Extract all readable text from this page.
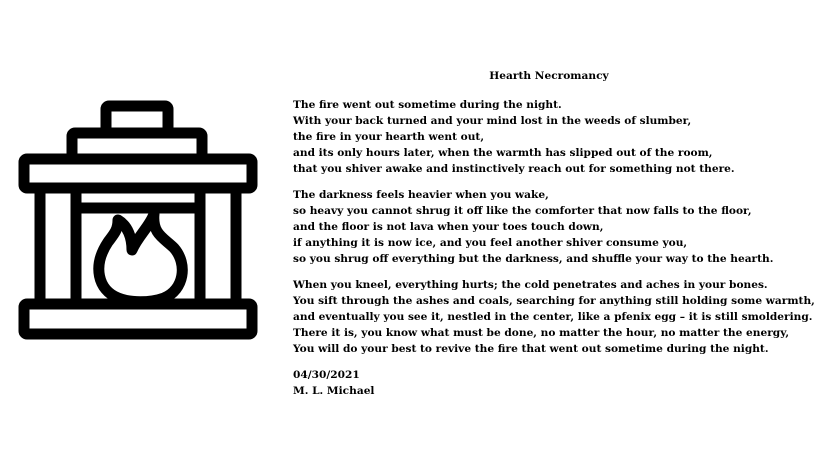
Hearth Necromancy
The fire went out sometime during the night.
With your back turned and your mind lost in the weeds of slumber,
the fire in your hearth went out,
and its only hours later, when the warmth has slipped out of the room,
that you shiver awake and instinctively reach out for something not there.
The darkness feels heavier when you wake,
so heavy you cannot shrug it off like the comforter that now falls to the floor,
and the floor is not lava when your toes touch down,
if anything it is now ice, and you feel another shiver consume you,
so you shrug off everything but the darkness, and shuffle your way to the hearth.
When you kneel, everything hurts; the cold penetrates and aches in your bones.
You sift through the ashes and coals, searching for anything still holding some warmth,
and eventually you see it, nestled in the center, like a pfenix egg – it is still smoldering.
There it is, you know what must be done, no matter the hour, no matter the energy,
You will do your best to revive the fire that went out sometime during the night.
04/30/2021
M. L. Michael
